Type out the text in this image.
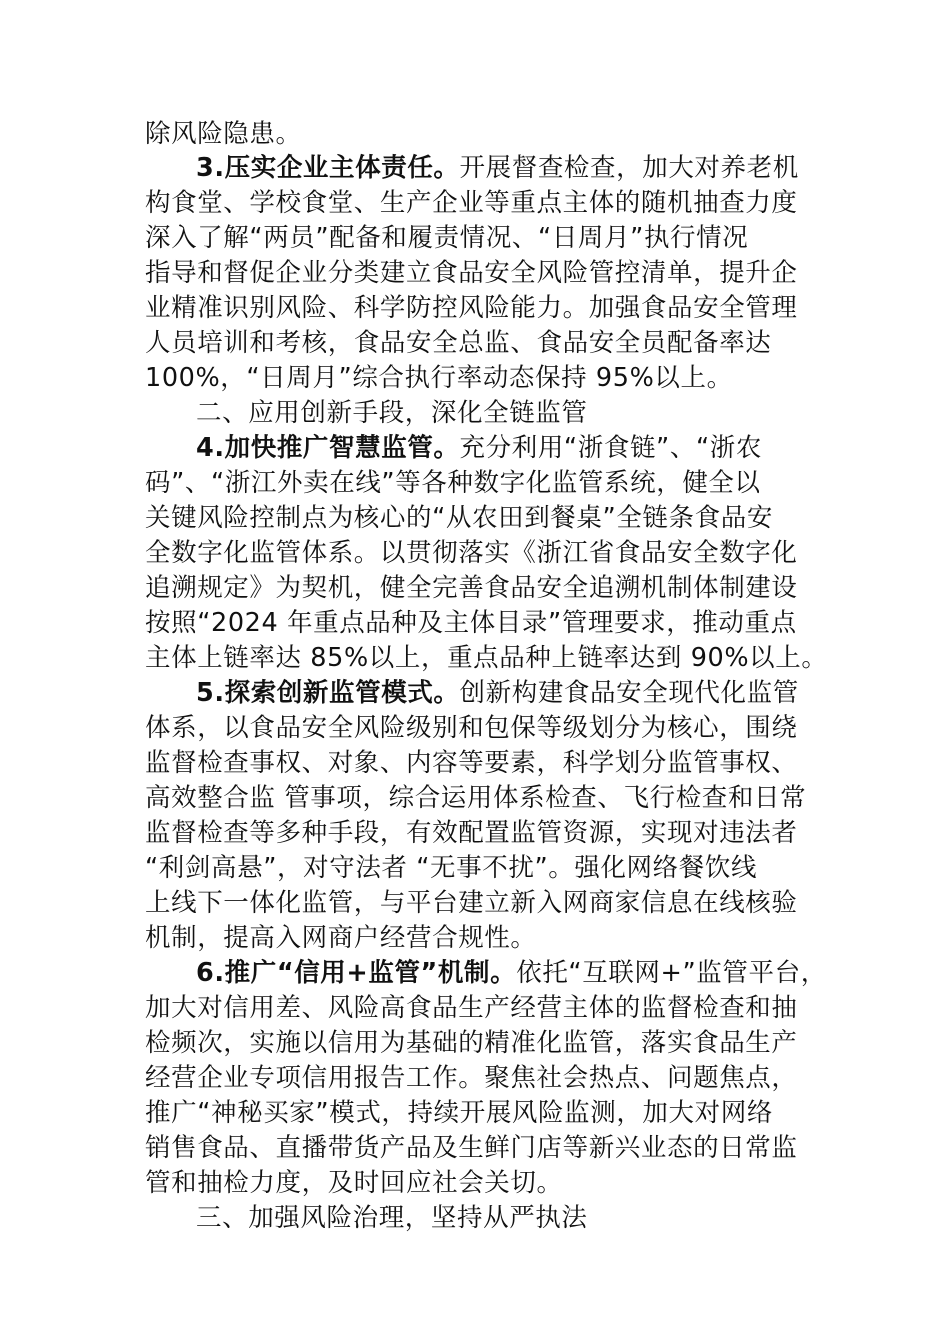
除风险隐患。
3.压实企业主体责任。开展督查检查，加大对养老机
构食堂、学校食堂、生产企业等重点主体的随机抽查力度
深入了解“两员”配备和履责情况、“日周月”执行情况
指导和督促企业分类建立食品安全风险管控清单，提升企
业精准识别风险、科学防控风险能力。加强食品安全管理
人员培训和考核，食品安全总监、食品安全员配备率达
100%，“日周月”综合执行率动态保持 95%以上。
二、应用创新手段，深化全链监管
4.加快推广智慧监管。充分利用“浙食链”、“浙农
码”、“浙江外卖在线”等各种数字化监管系统，健全以
关键风险控制点为核心的“从农田到餐桌”全链条食品安
全数字化监管体系。以贯彻落实《浙江省食品安全数字化
追溯规定》为契机，健全完善食品安全追溯机制体制建设
按照“2024 年重点品种及主体目录”管理要求，推动重点
主体上链率达 85%以上，重点品种上链率达到 90%以上。
5.探索创新监管模式。创新构建食品安全现代化监管
体系，以食品安全风险级别和包保等级划分为核心，围绕
监督检查事权、对象、内容等要素，科学划分监管事权、
高效整合监 管事项，综合运用体系检查、飞行检查和日常
监督检查等多种手段，有效配置监管资源，实现对违法者
“利剑高悬”，对守法者 “无事不扰”。强化网络餐饮线
上线下一体化监管，与平台建立新入网商家信息在线核验
机制，提高入网商户经营合规性。
6.推广“信用+监管”机制。依托“互联网+”监管平台，
加大对信用差、风险高食品生产经营主体的监督检查和抽
检频次，实施以信用为基础的精准化监管，落实食品生产
经营企业专项信用报告工作。聚焦社会热点、问题焦点，
推广“神秘买家”模式，持续开展风险监测，加大对网络
销售食品、直播带货产品及生鲜门店等新兴业态的日常监
管和抽检力度，及时回应社会关切。
三、加强风险治理，坚持从严执法
